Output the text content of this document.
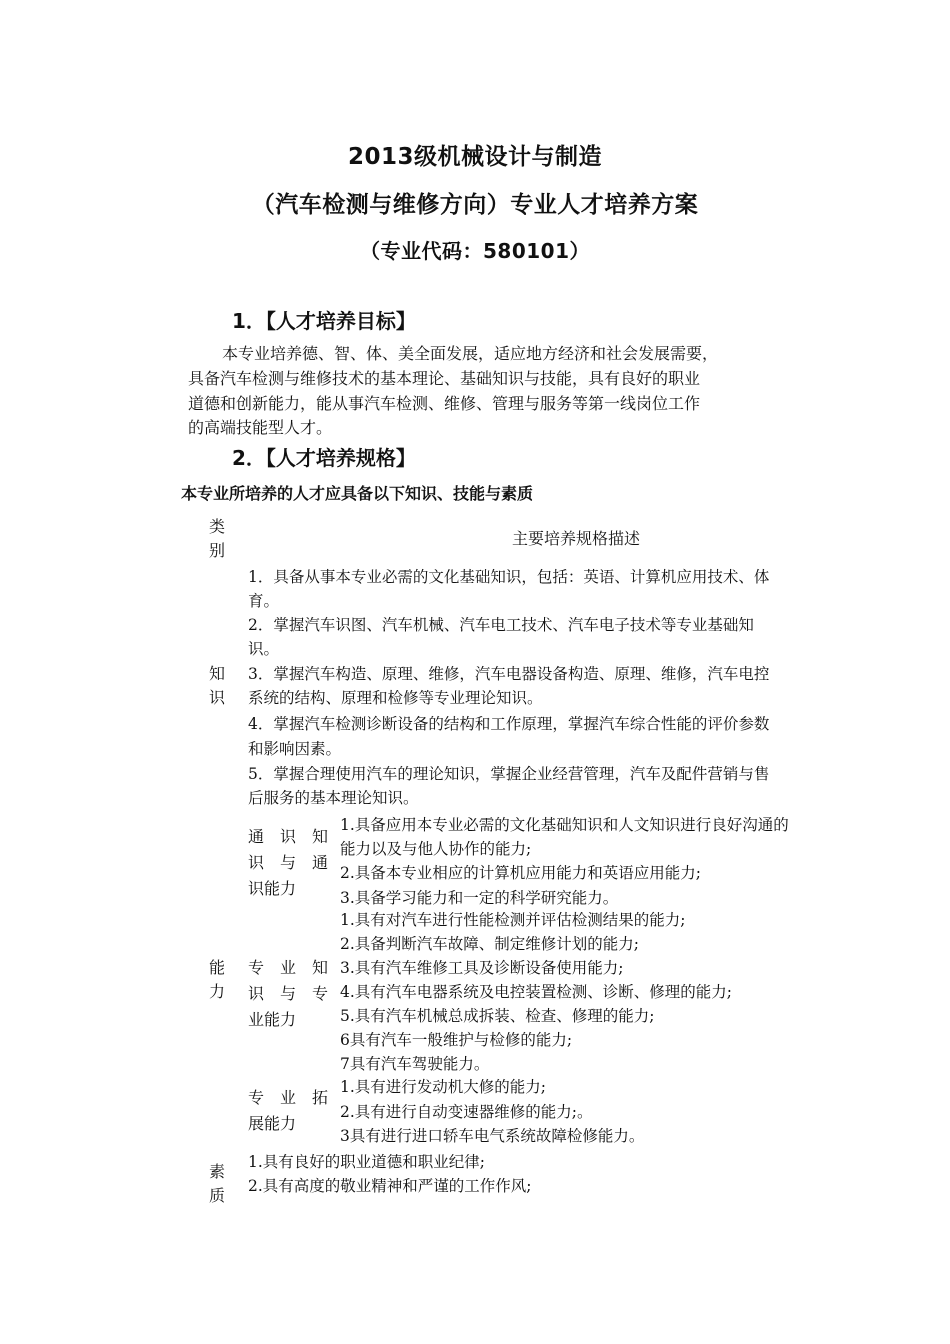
2013级机械设计与制造
（汽车检测与维修方向）专业人才培养方案
（专业代码：580101）
1．【人才培养目标】
本专业培养德、智、体、美全面发展，适应地方经济和社会发展需要，
具备汽车检测与维修技术的基本理论、基础知识与技能，具有良好的职业
道德和创新能力，能从事汽车检测、维修、管理与服务等第一线岗位工作
的高端技能型人才。
2．【人才培养规格】
本专业所培养的人才应具备以下知识、技能与素质
类
别
主要培养规格描述
知
识
1．具备从事本专业必需的文化基础知识，包括：英语、计算机应用技术、体
育。
2．掌握汽车识图、汽车机械、汽车电工技术、汽车电子技术等专业基础知
识。
3．掌握汽车构造、原理、维修，汽车电器设备构造、原理、维修，汽车电控
系统的结构、原理和检修等专业理论知识。
4．掌握汽车检测诊断设备的结构和工作原理，掌握汽车综合性能的评价参数
和影响因素。
5．掌握合理使用汽车的理论知识，掌握企业经营管理，汽车及配件营销与售
后服务的基本理论知识。
通识知
识与通
识能力
1.具备应用本专业必需的文化基础知识和人文知识进行良好沟通的
能力以及与他人协作的能力;
2.具备本专业相应的计算机应用能力和英语应用能力;
3.具备学习能力和一定的科学研究能力。
能
力
专业知
识与专
业能力
1.具有对汽车进行性能检测并评估检测结果的能力;
2.具备判断汽车故障、制定维修计划的能力;
3.具有汽车维修工具及诊断设备使用能力;
4.具有汽车电器系统及电控装置检测、诊断、修理的能力;
5.具有汽车机械总成拆装、检查、修理的能力;
6具有汽车一般维护与检修的能力;
7具有汽车驾驶能力。
专业拓
展能力
1.具有进行发动机大修的能力;
2.具有进行自动变速器维修的能力;。
3具有进行进口轿车电气系统故障检修能力。
素
质
1.具有良好的职业道德和职业纪律;
2.具有高度的敬业精神和严谨的工作作风;
